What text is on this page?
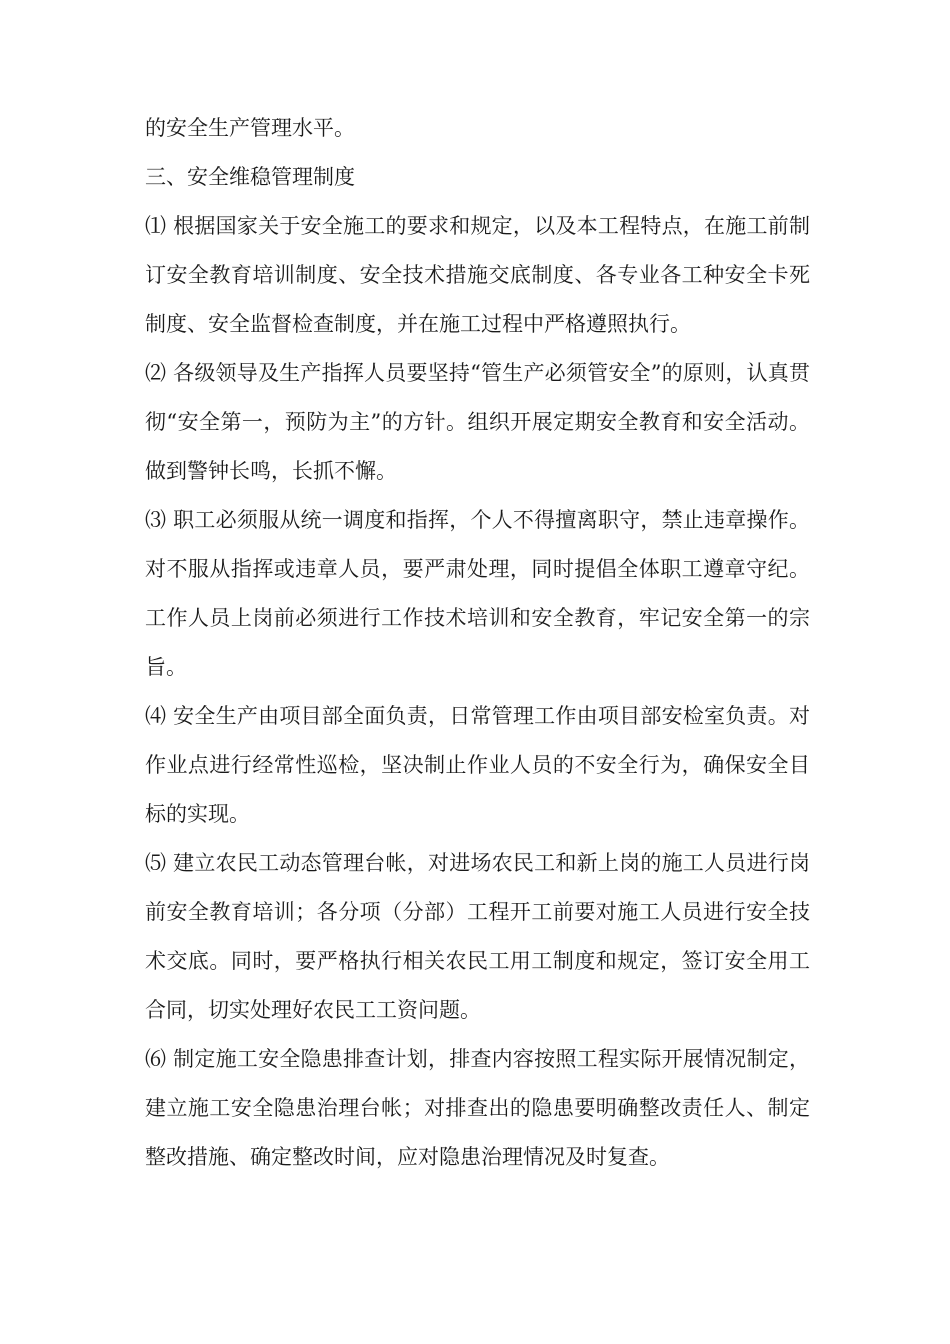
的安全生产管理水平。

三、安全维稳管理制度

⑴ 根据国家关于安全施工的要求和规定，以及本工程特点，在施工前制订安全教育培训制度、安全技术措施交底制度、各专业各工种安全卡死制度、安全监督检查制度，并在施工过程中严格遵照执行。

⑵ 各级领导及生产指挥人员要坚持“管生产必须管安全”的原则，认真贯彻“安全第一，预防为主”的方针。组织开展定期安全教育和安全活动。做到警钟长鸣，长抓不懈。

⑶ 职工必须服从统一调度和指挥，个人不得擅离职守，禁止违章操作。对不服从指挥或违章人员，要严肃处理，同时提倡全体职工遵章守纪。工作人员上岗前必须进行工作技术培训和安全教育，牢记安全第一的宗旨。

⑷ 安全生产由项目部全面负责，日常管理工作由项目部安检室负责。对作业点进行经常性巡检，坚决制止作业人员的不安全行为，确保安全目标的实现。

⑸ 建立农民工动态管理台帐，对进场农民工和新上岗的施工人员进行岗前安全教育培训；各分项（分部）工程开工前要对施工人员进行安全技术交底。同时，要严格执行相关农民工用工制度和规定，签订安全用工合同，切实处理好农民工工资问题。

⑹ 制定施工安全隐患排查计划，排查内容按照工程实际开展情况制定，建立施工安全隐患治理台帐；对排查出的隐患要明确整改责任人、制定整改措施、确定整改时间，应对隐患治理情况及时复查。
